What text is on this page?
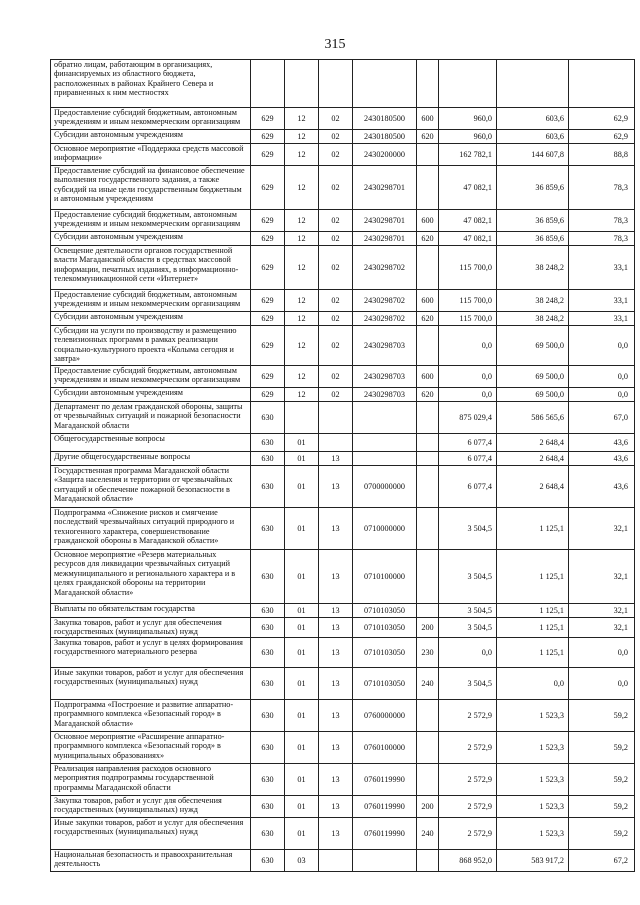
315
обратно лицам, работающим в организациях, финансируемых из областного бюджета, расположенных в районах Крайнего Севера и приравненных к ним местностях								
Предоставление субсидий бюджетным, автономным учреждениям и иным некоммерческим организациям	629	12	02	2430180500	600	960,0	603,6	62,9
Субсидии автономным учреждениям	629	12	02	2430180500	620	960,0	603,6	62,9
Основное мероприятие «Поддержка средств массовой информации»	629	12	02	2430200000		162 782,1	144 607,8	88,8
Предоставление субсидий на финансовое обеспечение выполнения государственного задания, а также субсидий на иные цели государственным бюджетным и автономным учреждениям	629	12	02	2430298701		47 082,1	36 859,6	78,3
Предоставление субсидий бюджетным, автономным учреждениям и иным некоммерческим организациям	629	12	02	2430298701	600	47 082,1	36 859,6	78,3
Субсидии автономным учреждениям	629	12	02	2430298701	620	47 082,1	36 859,6	78,3
Освещение деятельности органов государственной власти Магаданской области в средствах массовой информации, печатных изданиях, в информационно-телекоммуникационной сети «Интернет»	629	12	02	2430298702		115 700,0	38 248,2	33,1
Предоставление субсидий бюджетным, автономным учреждениям и иным некоммерческим организациям	629	12	02	2430298702	600	115 700,0	38 248,2	33,1
Субсидии автономным учреждениям	629	12	02	2430298702	620	115 700,0	38 248,2	33,1
Субсидии на услуги по производству и размещению телевизионных программ в рамках реализации социально-культурного проекта «Колыма сегодня и завтра»	629	12	02	2430298703		0,0	69 500,0	0,0
Предоставление субсидий бюджетным, автономным учреждениям и иным некоммерческим организациям	629	12	02	2430298703	600	0,0	69 500,0	0,0
Субсидии автономным учреждениям	629	12	02	2430298703	620	0,0	69 500,0	0,0
Департамент по делам гражданской обороны, защиты от чрезвычайных ситуаций и пожарной безопасности Магаданской области	630					875 029,4	586 565,6	67,0
Общегосударственные вопросы	630	01				6 077,4	2 648,4	43,6
Другие общегосударственные вопросы	630	01	13			6 077,4	2 648,4	43,6
Государственная программа Магаданской области «Защита населения и территории от чрезвычайных ситуаций и обеспечение пожарной безопасности в Магаданской области»	630	01	13	0700000000		6 077,4	2 648,4	43,6
Подпрограмма «Снижение рисков и смягчение последствий чрезвычайных ситуаций природного и техногенного характера, совершенствование гражданской обороны в Магаданской области»	630	01	13	0710000000		3 504,5	1 125,1	32,1
Основное мероприятие «Резерв материальных ресурсов для ликвидации чрезвычайных ситуаций межмуниципального и регионального характера и в целях гражданской обороны на территории Магаданской области»	630	01	13	0710100000		3 504,5	1 125,1	32,1
Выплаты по обязательствам государства	630	01	13	0710103050		3 504,5	1 125,1	32,1
Закупка товаров, работ и услуг для обеспечения государственных (муниципальных) нужд	630	01	13	0710103050	200	3 504,5	1 125,1	32,1
Закупка товаров, работ и услуг в целях формирования государственного материального резерва	630	01	13	0710103050	230	0,0	1 125,1	0,0
Иные закупки товаров, работ и услуг для обеспечения государственных (муниципальных) нужд	630	01	13	0710103050	240	3 504,5	0,0	0,0
Подпрограмма «Построение и развитие аппаратно-программного комплекса «Безопасный город» в Магаданской области»	630	01	13	0760000000		2 572,9	1 523,3	59,2
Основное мероприятие «Расширение аппаратно-программного комплекса «Безопасный город» в муниципальных образованиях»	630	01	13	0760100000		2 572,9	1 523,3	59,2
Реализация направления расходов основного мероприятия подпрограммы государственной программы Магаданской области	630	01	13	0760119990		2 572,9	1 523,3	59,2
Закупка товаров, работ и услуг для обеспечения государственных (муниципальных) нужд	630	01	13	0760119990	200	2 572,9	1 523,3	59,2
Иные закупки товаров, работ и услуг для обеспечения государственных (муниципальных) нужд	630	01	13	0760119990	240	2 572,9	1 523,3	59,2
Национальная безопасность и правоохранительная деятельность	630	03				868 952,0	583 917,2	67,2
